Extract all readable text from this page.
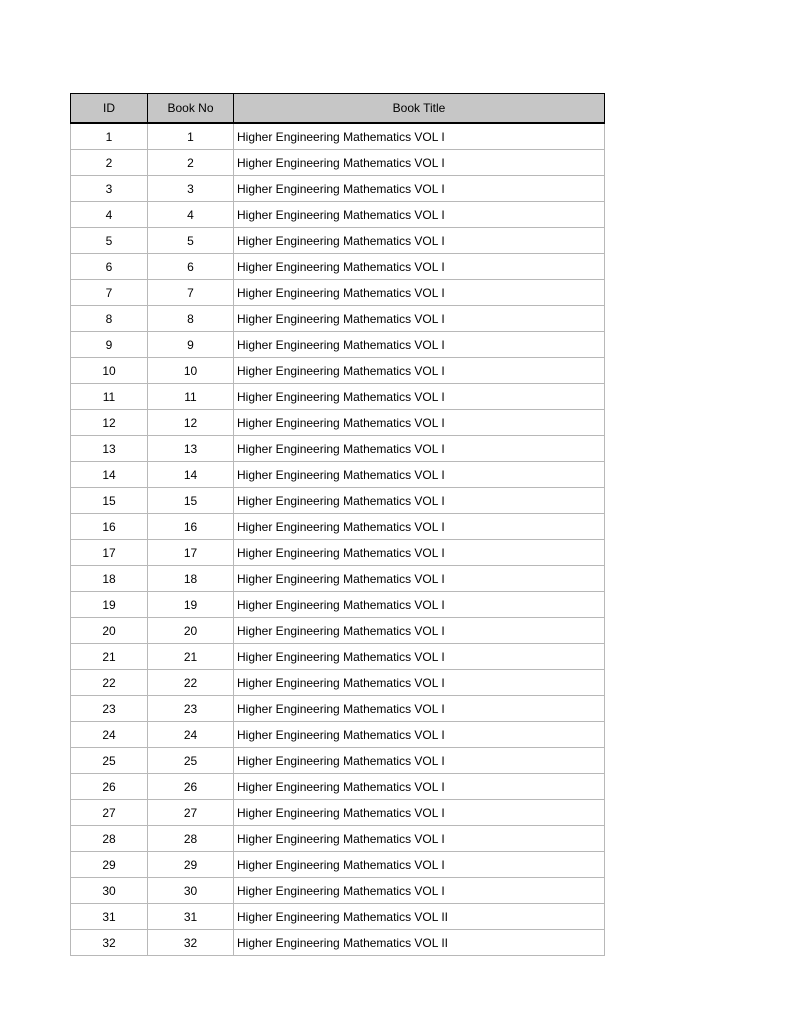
ID	Book No	Book Title
1	1	Higher Engineering Mathematics VOL I
2	2	Higher Engineering Mathematics VOL I
3	3	Higher Engineering Mathematics VOL I
4	4	Higher Engineering Mathematics VOL I
5	5	Higher Engineering Mathematics VOL I
6	6	Higher Engineering Mathematics VOL I
7	7	Higher Engineering Mathematics VOL I
8	8	Higher Engineering Mathematics VOL I
9	9	Higher Engineering Mathematics VOL I
10	10	Higher Engineering Mathematics VOL I
11	11	Higher Engineering Mathematics VOL I
12	12	Higher Engineering Mathematics VOL I
13	13	Higher Engineering Mathematics VOL I
14	14	Higher Engineering Mathematics VOL I
15	15	Higher Engineering Mathematics VOL I
16	16	Higher Engineering Mathematics VOL I
17	17	Higher Engineering Mathematics VOL I
18	18	Higher Engineering Mathematics VOL I
19	19	Higher Engineering Mathematics VOL I
20	20	Higher Engineering Mathematics VOL I
21	21	Higher Engineering Mathematics VOL I
22	22	Higher Engineering Mathematics VOL I
23	23	Higher Engineering Mathematics VOL I
24	24	Higher Engineering Mathematics VOL I
25	25	Higher Engineering Mathematics VOL I
26	26	Higher Engineering Mathematics VOL I
27	27	Higher Engineering Mathematics VOL I
28	28	Higher Engineering Mathematics VOL I
29	29	Higher Engineering Mathematics VOL I
30	30	Higher Engineering Mathematics VOL I
31	31	Higher Engineering Mathematics VOL II
32	32	Higher Engineering Mathematics VOL II
